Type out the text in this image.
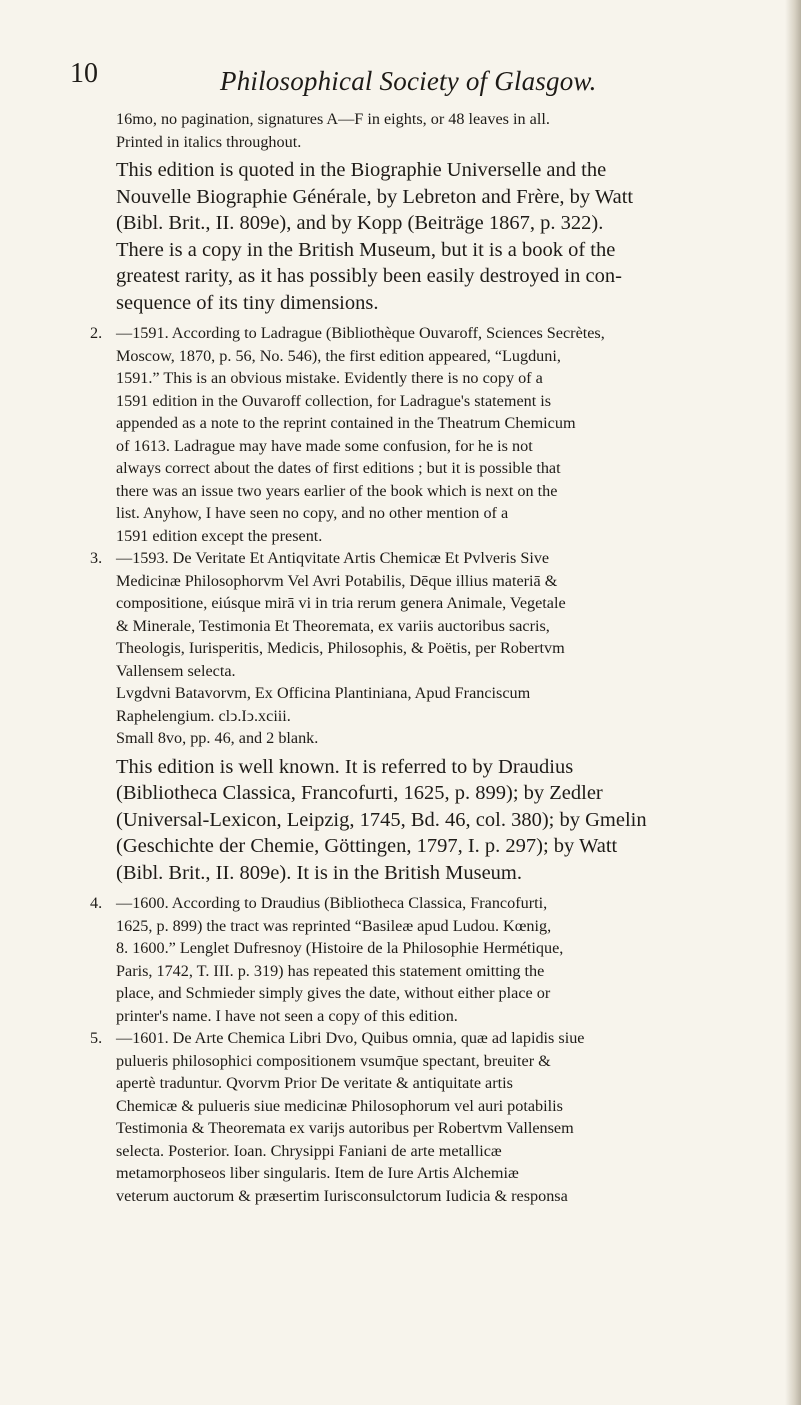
10	Philosophical Society of Glasgow.

16mo, no pagination, signatures A—F in eights, or 48 leaves in all.
Printed in italics throughout.

This edition is quoted in the Biographie Universelle and the
Nouvelle Biographie Générale, by Lebreton and Frère, by Watt
(Bibl. Brit., II. 809e), and by Kopp (Beiträge 1867, p. 322).
There is a copy in the British Museum, but it is a book of the
greatest rarity, as it has possibly been easily destroyed in con-
sequence of its tiny dimensions.

2. —1591. According to Ladrague (Bibliothèque Ouvaroff, Sciences Secrètes,
Moscow, 1870, p. 56, No. 546), the first edition appeared, “Lugduni,
1591.” This is an obvious mistake. Evidently there is no copy of a
1591 edition in the Ouvaroff collection, for Ladrague's statement is
appended as a note to the reprint contained in the Theatrum Chemicum
of 1613. Ladrague may have made some confusion, for he is not
always correct about the dates of first editions ; but it is possible that
there was an issue two years earlier of the book which is next on the
list. Anyhow, I have seen no copy, and no other mention of a
1591 edition except the present.
3. —1593. De Veritate Et Antiqvitate Artis Chemicæ Et Pvlveris Sive
Medicinæ Philosophorvm Vel Avri Potabilis, Dēque illius materiā &
compositione, eiúsque mirā vi in tria rerum genera Animale, Vegetale
& Minerale, Testimonia Et Theoremata, ex variis auctoribus sacris,
Theologis, Iurisperitis, Medicis, Philosophis, & Poëtis, per Robertvm
Vallensem selecta.
Lvgdvni Batavorvm, Ex Officina Plantiniana, Apud Franciscum
Raphelengium. clↄ.Iↄ.xciii.
Small 8vo, pp. 46, and 2 blank.

This edition is well known. It is referred to by Draudius
(Bibliotheca Classica, Francofurti, 1625, p. 899); by Zedler
(Universal-Lexicon, Leipzig, 1745, Bd. 46, col. 380); by Gmelin
(Geschichte der Chemie, Göttingen, 1797, I. p. 297); by Watt
(Bibl. Brit., II. 809e). It is in the British Museum.

4. —1600. According to Draudius (Bibliotheca Classica, Francofurti,
1625, p. 899) the tract was reprinted “Basileæ apud Ludou. Kœnig,
8. 1600.” Lenglet Dufresnoy (Histoire de la Philosophie Hermétique,
Paris, 1742, T. III. p. 319) has repeated this statement omitting the
place, and Schmieder simply gives the date, without either place or
printer's name. I have not seen a copy of this edition.
5. —1601. De Arte Chemica Libri Dvo, Quibus omnia, quæ ad lapidis siue
pulueris philosophici compositionem vsumq̄ue spectant, breuiter &
apertè traduntur. Qvorvm Prior De veritate & antiquitate artis
Chemicæ & pulueris siue medicinæ Philosophorum vel auri potabilis
Testimonia & Theoremata ex varijs autoribus per Robertvm Vallensem
selecta. Posterior. Ioan. Chrysippi Faniani de arte metallicæ
metamorphoseos liber singularis. Item de Iure Artis Alchemiæ
veterum auctorum & præsertim Iurisconsulctorum Iudicia & responsa
